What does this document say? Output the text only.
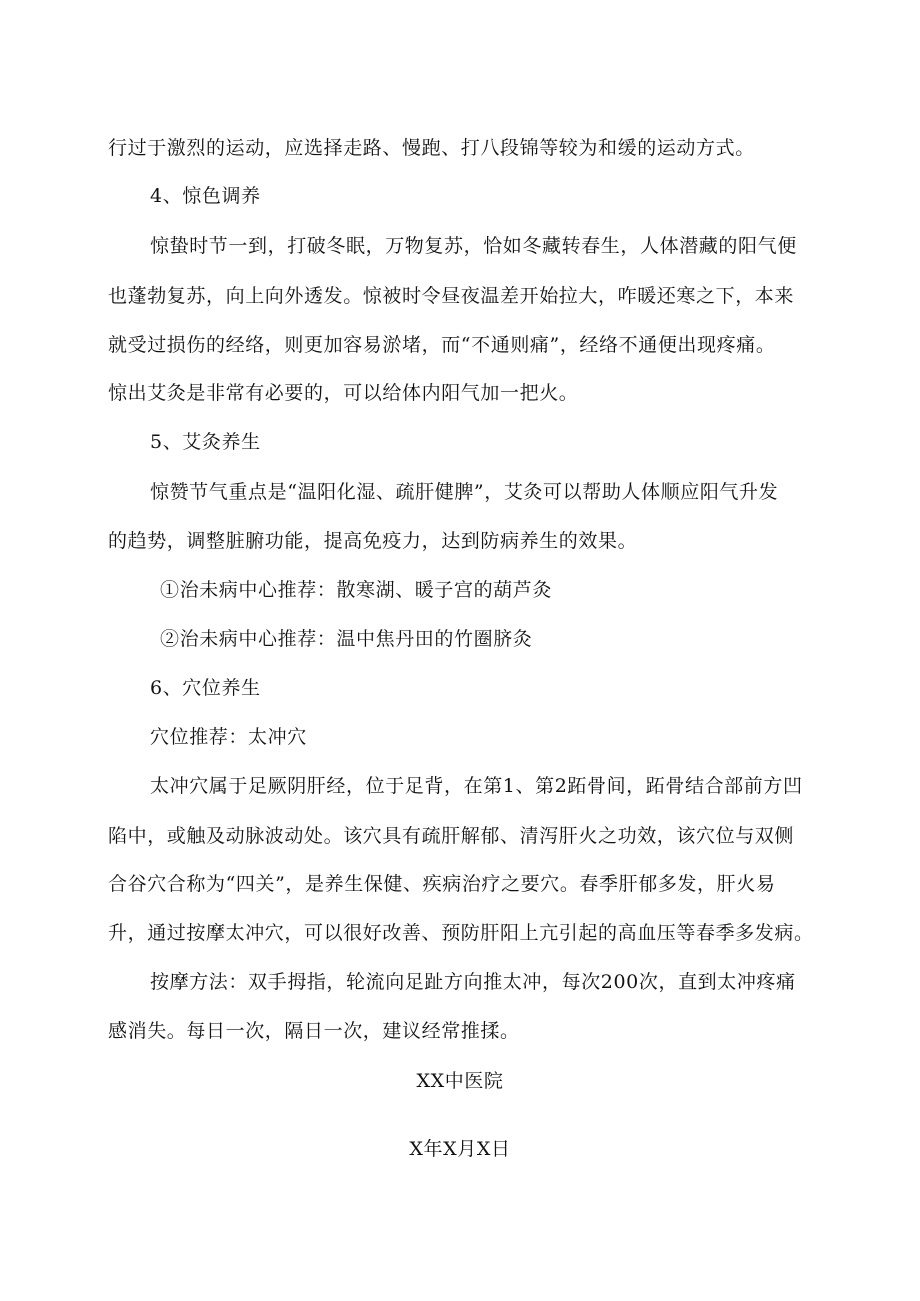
行过于激烈的运动，应选择走路、慢跑、打八段锦等较为和缓的运动方式。
4、惊色调养
惊蛰时节一到，打破冬眠，万物复苏，恰如冬藏转春生，人体潜藏的阳气便
也蓬勃复苏，向上向外透发。惊被时令昼夜温差开始拉大，咋暖还寒之下，本来
就受过损伤的经络，则更加容易淤堵，而“不通则痛”，经络不通便出现疼痛。
惊出艾灸是非常有必要的，可以给体内阳气加一把火。
5、艾灸养生
惊赞节气重点是“温阳化湿、疏肝健脾”，艾灸可以帮助人体顺应阳气升发
的趋势，调整脏腑功能，提高免疫力，达到防病养生的效果。
①治未病中心推荐：散寒湖、暖子宫的葫芦灸
②治未病中心推荐：温中焦丹田的竹圈脐灸
6、穴位养生
穴位推荐：太冲穴
太冲穴属于足厥阴肝经，位于足背，在第1、第2跖骨间，跖骨结合部前方凹
陷中，或触及动脉波动处。该穴具有疏肝解郁、清泻肝火之功效，该穴位与双侧
合谷穴合称为“四关”，是养生保健、疾病治疗之要穴。春季肝郁多发，肝火易
升，通过按摩太冲穴，可以很好改善、预防肝阳上亢引起的高血压等春季多发病。
按摩方法：双手拇指，轮流向足趾方向推太冲，每次200次，直到太冲疼痛
感消失。每日一次，隔日一次，建议经常推揉。
XX中医院
X年X月X日
